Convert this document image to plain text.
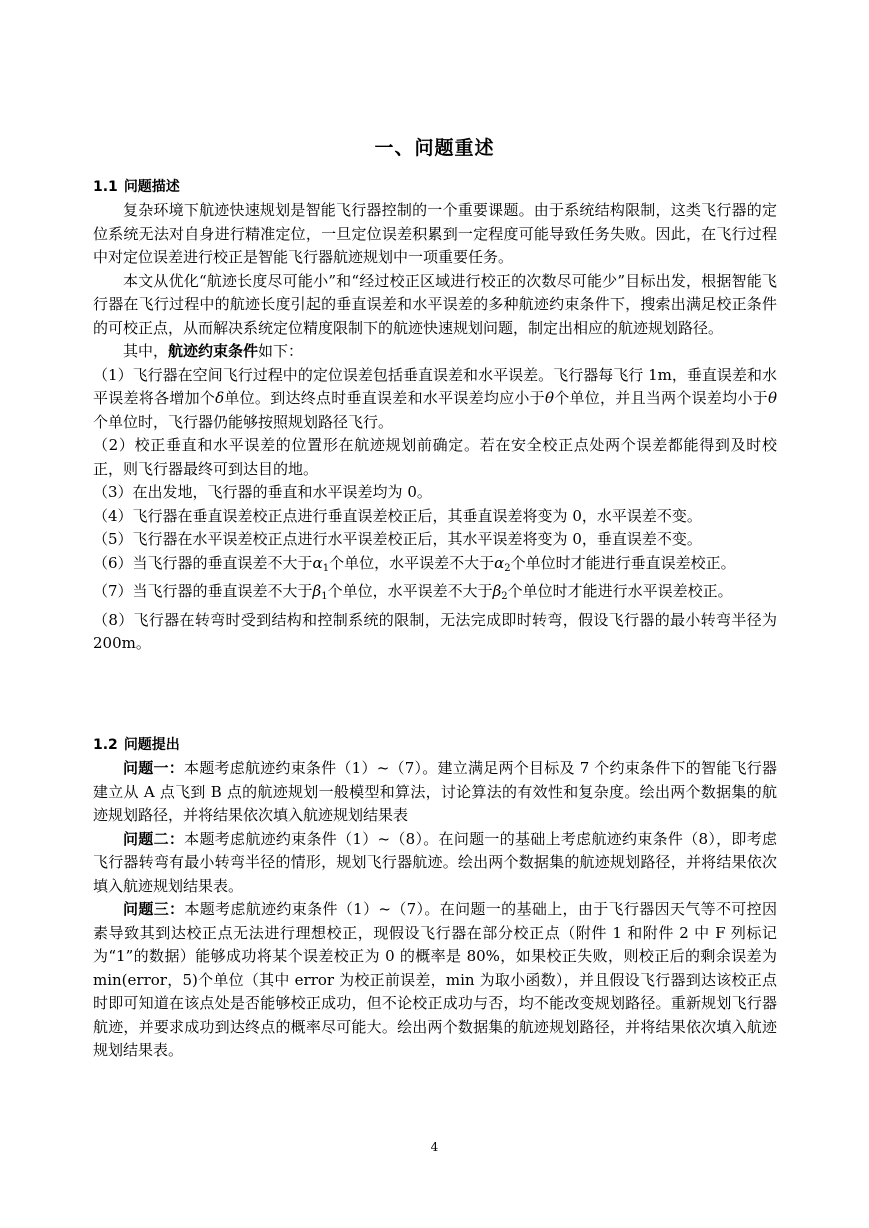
一、问题重述
1.1 问题描述

复杂环境下航迹快速规划是智能飞行器控制的一个重要课题。由于系统结构限制，这类飞行器的定位系统无法对自身进行精准定位，一旦定位误差积累到一定程度可能导致任务失败。因此，在飞行过程中对定位误差进行校正是智能飞行器航迹规划中一项重要任务。

本文从优化“航迹长度尽可能小”和“经过校正区域进行校正的次数尽可能少”目标出发，根据智能飞行器在飞行过程中的航迹长度引起的垂直误差和水平误差的多种航迹约束条件下，搜索出满足校正条件的可校正点，从而解决系统定位精度限制下的航迹快速规划问题，制定出相应的航迹规划路径。

其中，航迹约束条件如下：

（1）飞行器在空间飞行过程中的定位误差包括垂直误差和水平误差。飞行器每飞行 1m，垂直误差和水平误差将各增加个δ单位。到达终点时垂直误差和水平误差均应小于θ个单位，并且当两个误差均小于θ个单位时，飞行器仍能够按照规划路径飞行。

（2）校正垂直和水平误差的位置形在航迹规划前确定。若在安全校正点处两个误差都能得到及时校正，则飞行器最终可到达目的地。

（3）在出发地，飞行器的垂直和水平误差均为 0。

（4）飞行器在垂直误差校正点进行垂直误差校正后，其垂直误差将变为 0，水平误差不变。

（5）飞行器在水平误差校正点进行水平误差校正后，其水平误差将变为 0，垂直误差不变。

（6）当飞行器的垂直误差不大于$\alpha_1$个单位，水平误差不大于$\alpha_2$个单位时才能进行垂直误差校正。

（7）当飞行器的垂直误差不大于$\beta_1$个单位，水平误差不大于$\beta_2$个单位时才能进行水平误差校正。

（8）飞行器在转弯时受到结构和控制系统的限制，无法完成即时转弯，假设飞行器的最小转弯半径为 200m。

1.2 问题提出

问题一：本题考虑航迹约束条件（1）~（7）。建立满足两个目标及 7 个约束条件下的智能飞行器建立从 A 点飞到 B 点的航迹规划一般模型和算法，讨论算法的有效性和复杂度。绘出两个数据集的航迹规划路径，并将结果依次填入航迹规划结果表

问题二：本题考虑航迹约束条件（1）~（8）。在问题一的基础上考虑航迹约束条件（8），即考虑飞行器转弯有最小转弯半径的情形，规划飞行器航迹。绘出两个数据集的航迹规划路径，并将结果依次填入航迹规划结果表。

问题三：本题考虑航迹约束条件（1）~（7）。在问题一的基础上，由于飞行器因天气等不可控因素导致其到达校正点无法进行理想校正，现假设飞行器在部分校正点（附件 1 和附件 2 中 F 列标记为“1”的数据）能够成功将某个误差校正为 0 的概率是 80%，如果校正失败，则校正后的剩余误差为 min(error，5)个单位（其中 error 为校正前误差，min 为取小函数），并且假设飞行器到达该校正点时即可知道在该点处是否能够校正成功，但不论校正成功与否，均不能改变规划路径。重新规划飞行器航迹，并要求成功到达终点的概率尽可能大。绘出两个数据集的航迹规划路径，并将结果依次填入航迹规划结果表。

4
